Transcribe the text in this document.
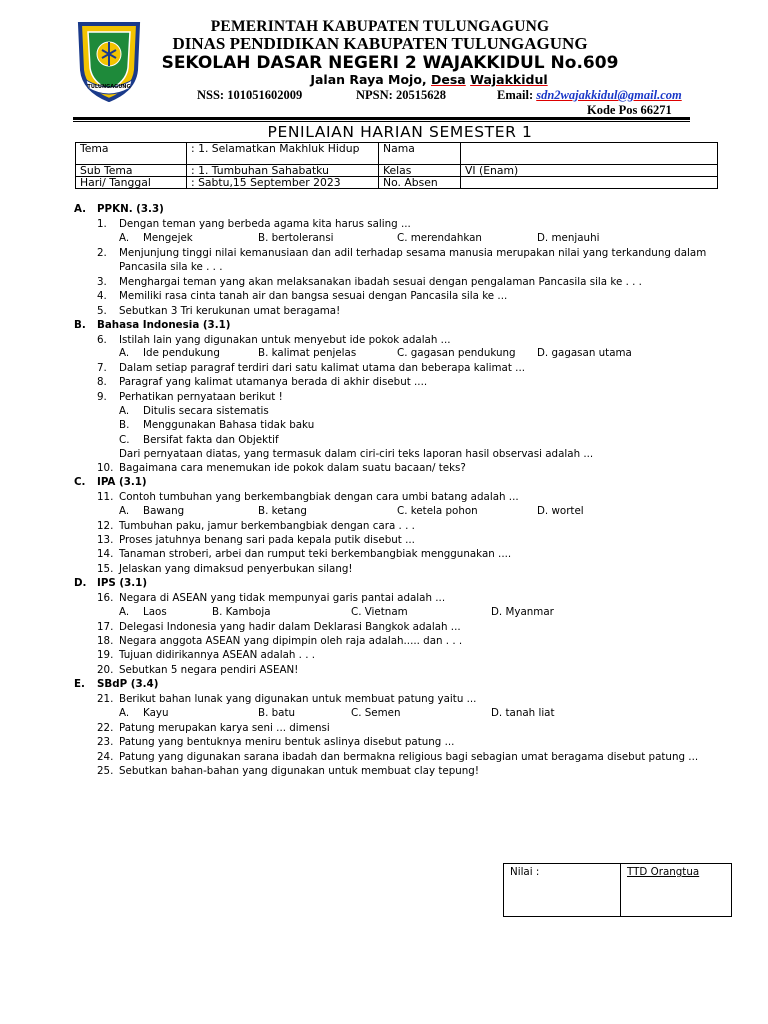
TULUNGAGUNG
PEMERINTAH KABUPATEN TULUNGAGUNG
DINAS PENDIDIKAN KABUPATEN TULUNGAGUNG
SEKOLAH DASAR NEGERI 2 WAJAKKIDUL No.609
Jalan Raya Mojo, Desa Wajakkidul
NSS: 101051602009	NPSN: 20515628	Email: sdn2wajakkidul@gmail.com
Kode Pos 66271
PENILAIAN HARIAN SEMESTER 1
Tema	: 1. Selamatkan Makhluk Hidup	Nama	
Sub Tema	: 1. Tumbuhan Sahabatku	Kelas	VI (Enam)
Hari/ Tanggal	: Sabtu,15 September 2023	No. Absen	
A. PPKN. (3.3)
1. Dengan teman yang berbeda agama kita harus saling ...
A. Mengejek	B. bertoleransi	C. merendahkan	D. menjauhi
2. Menjunjung tinggi nilai kemanusiaan dan adil terhadap sesama manusia merupakan nilai yang terkandung dalam
Pancasila sila ke . . .
3. Menghargai teman yang akan melaksanakan ibadah sesuai dengan pengalaman Pancasila sila ke . . .
4. Memiliki rasa cinta tanah air dan bangsa sesuai dengan Pancasila sila ke ...
5. Sebutkan 3 Tri kerukunan umat beragama!
B. Bahasa Indonesia (3.1)
6. Istilah lain yang digunakan untuk menyebut ide pokok adalah ...
A. Ide pendukung	B. kalimat penjelas	C. gagasan pendukung D. gagasan utama
7. Dalam setiap paragraf terdiri dari satu kalimat utama dan beberapa kalimat ...
8. Paragraf yang kalimat utamanya berada di akhir disebut ....
9. Perhatikan pernyataan berikut !
A. Ditulis secara sistematis
B. Menggunakan Bahasa tidak baku
C. Bersifat fakta dan Objektif
Dari pernyataan diatas, yang termasuk dalam ciri-ciri teks laporan hasil observasi adalah ...
10. Bagaimana cara menemukan ide pokok dalam suatu bacaan/ teks?
C. IPA (3.1)
11. Contoh tumbuhan yang berkembangbiak dengan cara umbi batang adalah ...
A. Bawang	B. ketang	C. ketela pohon	D. wortel
12. Tumbuhan paku, jamur berkembangbiak dengan cara . . .
13. Proses jatuhnya benang sari pada kepala putik disebut ...
14. Tanaman stroberi, arbei dan rumput teki berkembangbiak menggunakan ....
15. Jelaskan yang dimaksud penyerbukan silang!
D. IPS (3.1)
16. Negara di ASEAN yang tidak mempunyai garis pantai adalah ...
A. Laos	B. Kamboja	C. Vietnam	D. Myanmar
17. Delegasi Indonesia yang hadir dalam Deklarasi Bangkok adalah ...
18. Negara anggota ASEAN yang dipimpin oleh raja adalah..... dan . . .
19. Tujuan didirikannya ASEAN adalah . . .
20. Sebutkan 5 negara pendiri ASEAN!
E. SBdP (3.4)
21. Berikut bahan lunak yang digunakan untuk membuat patung yaitu ...
A. Kayu	B. batu	C. Semen	D. tanah liat
22. Patung merupakan karya seni ... dimensi
23. Patung yang bentuknya meniru bentuk aslinya disebut patung ...
24. Patung yang digunakan sarana ibadah dan bermakna religious bagi sebagian umat beragama disebut patung ...
25. Sebutkan bahan-bahan yang digunakan untuk membuat clay tepung!
Nilai :	TTD Orangtua
